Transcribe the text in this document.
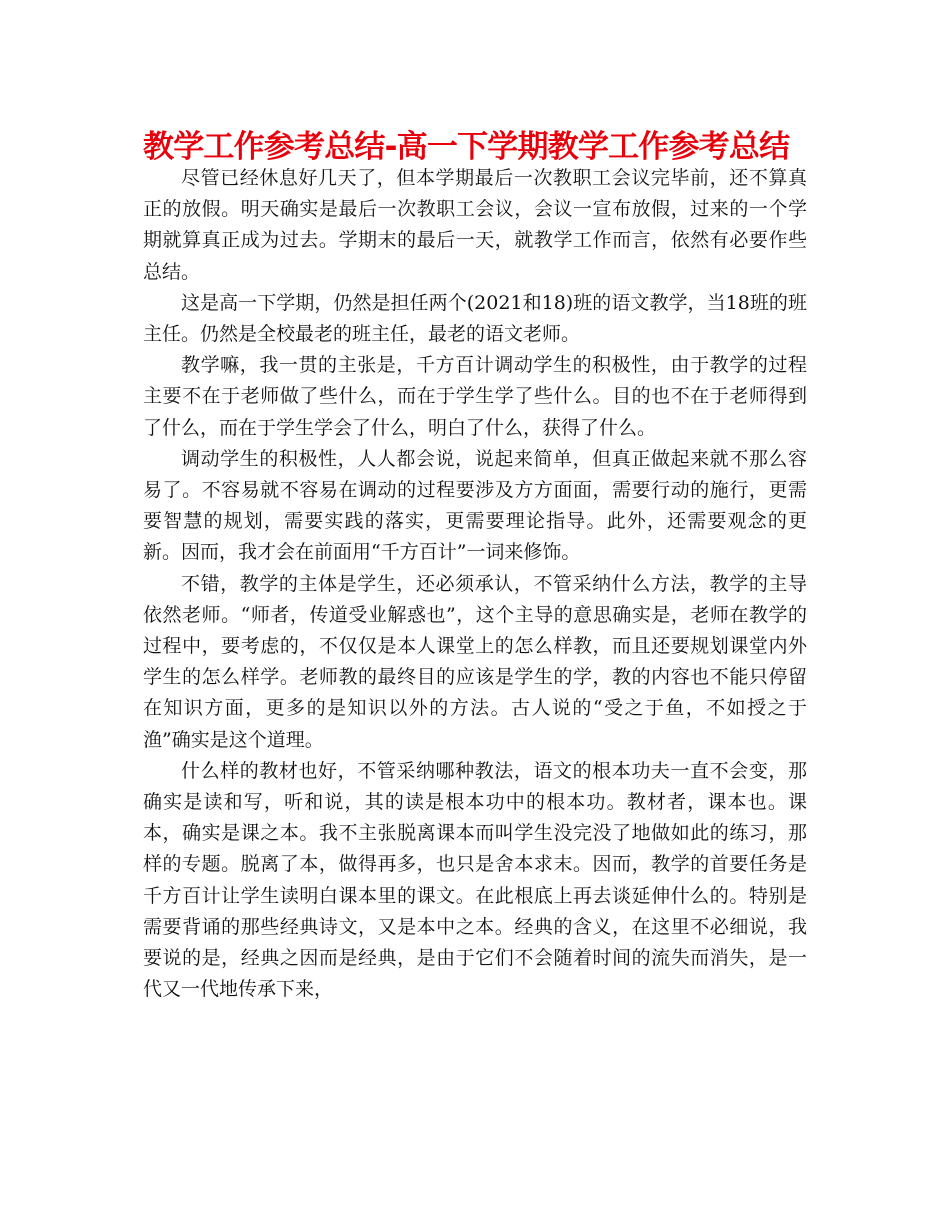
教学工作参考总结-高一下学期教学工作参考总结

尽管已经休息好几天了，但本学期最后一次教职工会议完毕前，还不算真正的放假。明天确实是最后一次教职工会议，会议一宣布放假，过来的一个学期就算真正成为过去。学期末的最后一天，就教学工作而言，依然有必要作些总结。

这是高一下学期，仍然是担任两个(2021和18)班的语文教学，当18班的班主任。仍然是全校最老的班主任，最老的语文老师。

教学嘛，我一贯的主张是，千方百计调动学生的积极性，由于教学的过程主要不在于老师做了些什么，而在于学生学了些什么。目的也不在于老师得到了什么，而在于学生学会了什么，明白了什么，获得了什么。

调动学生的积极性，人人都会说，说起来简单，但真正做起来就不那么容易了。不容易就不容易在调动的过程要涉及方方面面，需要行动的施行，更需要智慧的规划，需要实践的落实，更需要理论指导。此外，还需要观念的更新。因而，我才会在前面用“千方百计”一词来修饰。

不错，教学的主体是学生，还必须承认，不管采纳什么方法，教学的主导依然老师。“师者，传道受业解惑也”，这个主导的意思确实是，老师在教学的过程中，要考虑的，不仅仅是本人课堂上的怎么样教，而且还要规划课堂内外学生的怎么样学。老师教的最终目的应该是学生的学，教的内容也不能只停留在知识方面，更多的是知识以外的方法。古人说的“受之于鱼，不如授之于渔”确实是这个道理。

什么样的教材也好，不管采纳哪种教法，语文的根本功夫一直不会变，那确实是读和写，听和说，其的读是根本功中的根本功。教材者，课本也。课本，确实是课之本。我不主张脱离课本而叫学生没完没了地做如此的练习，那样的专题。脱离了本，做得再多，也只是舍本求末。因而，教学的首要任务是千方百计让学生读明白课本里的课文。在此根底上再去谈延伸什么的。特别是需要背诵的那些经典诗文，又是本中之本。经典的含义，在这里不必细说，我要说的是，经典之因而是经典，是由于它们不会随着时间的流失而消失，是一代又一代地传承下来，
